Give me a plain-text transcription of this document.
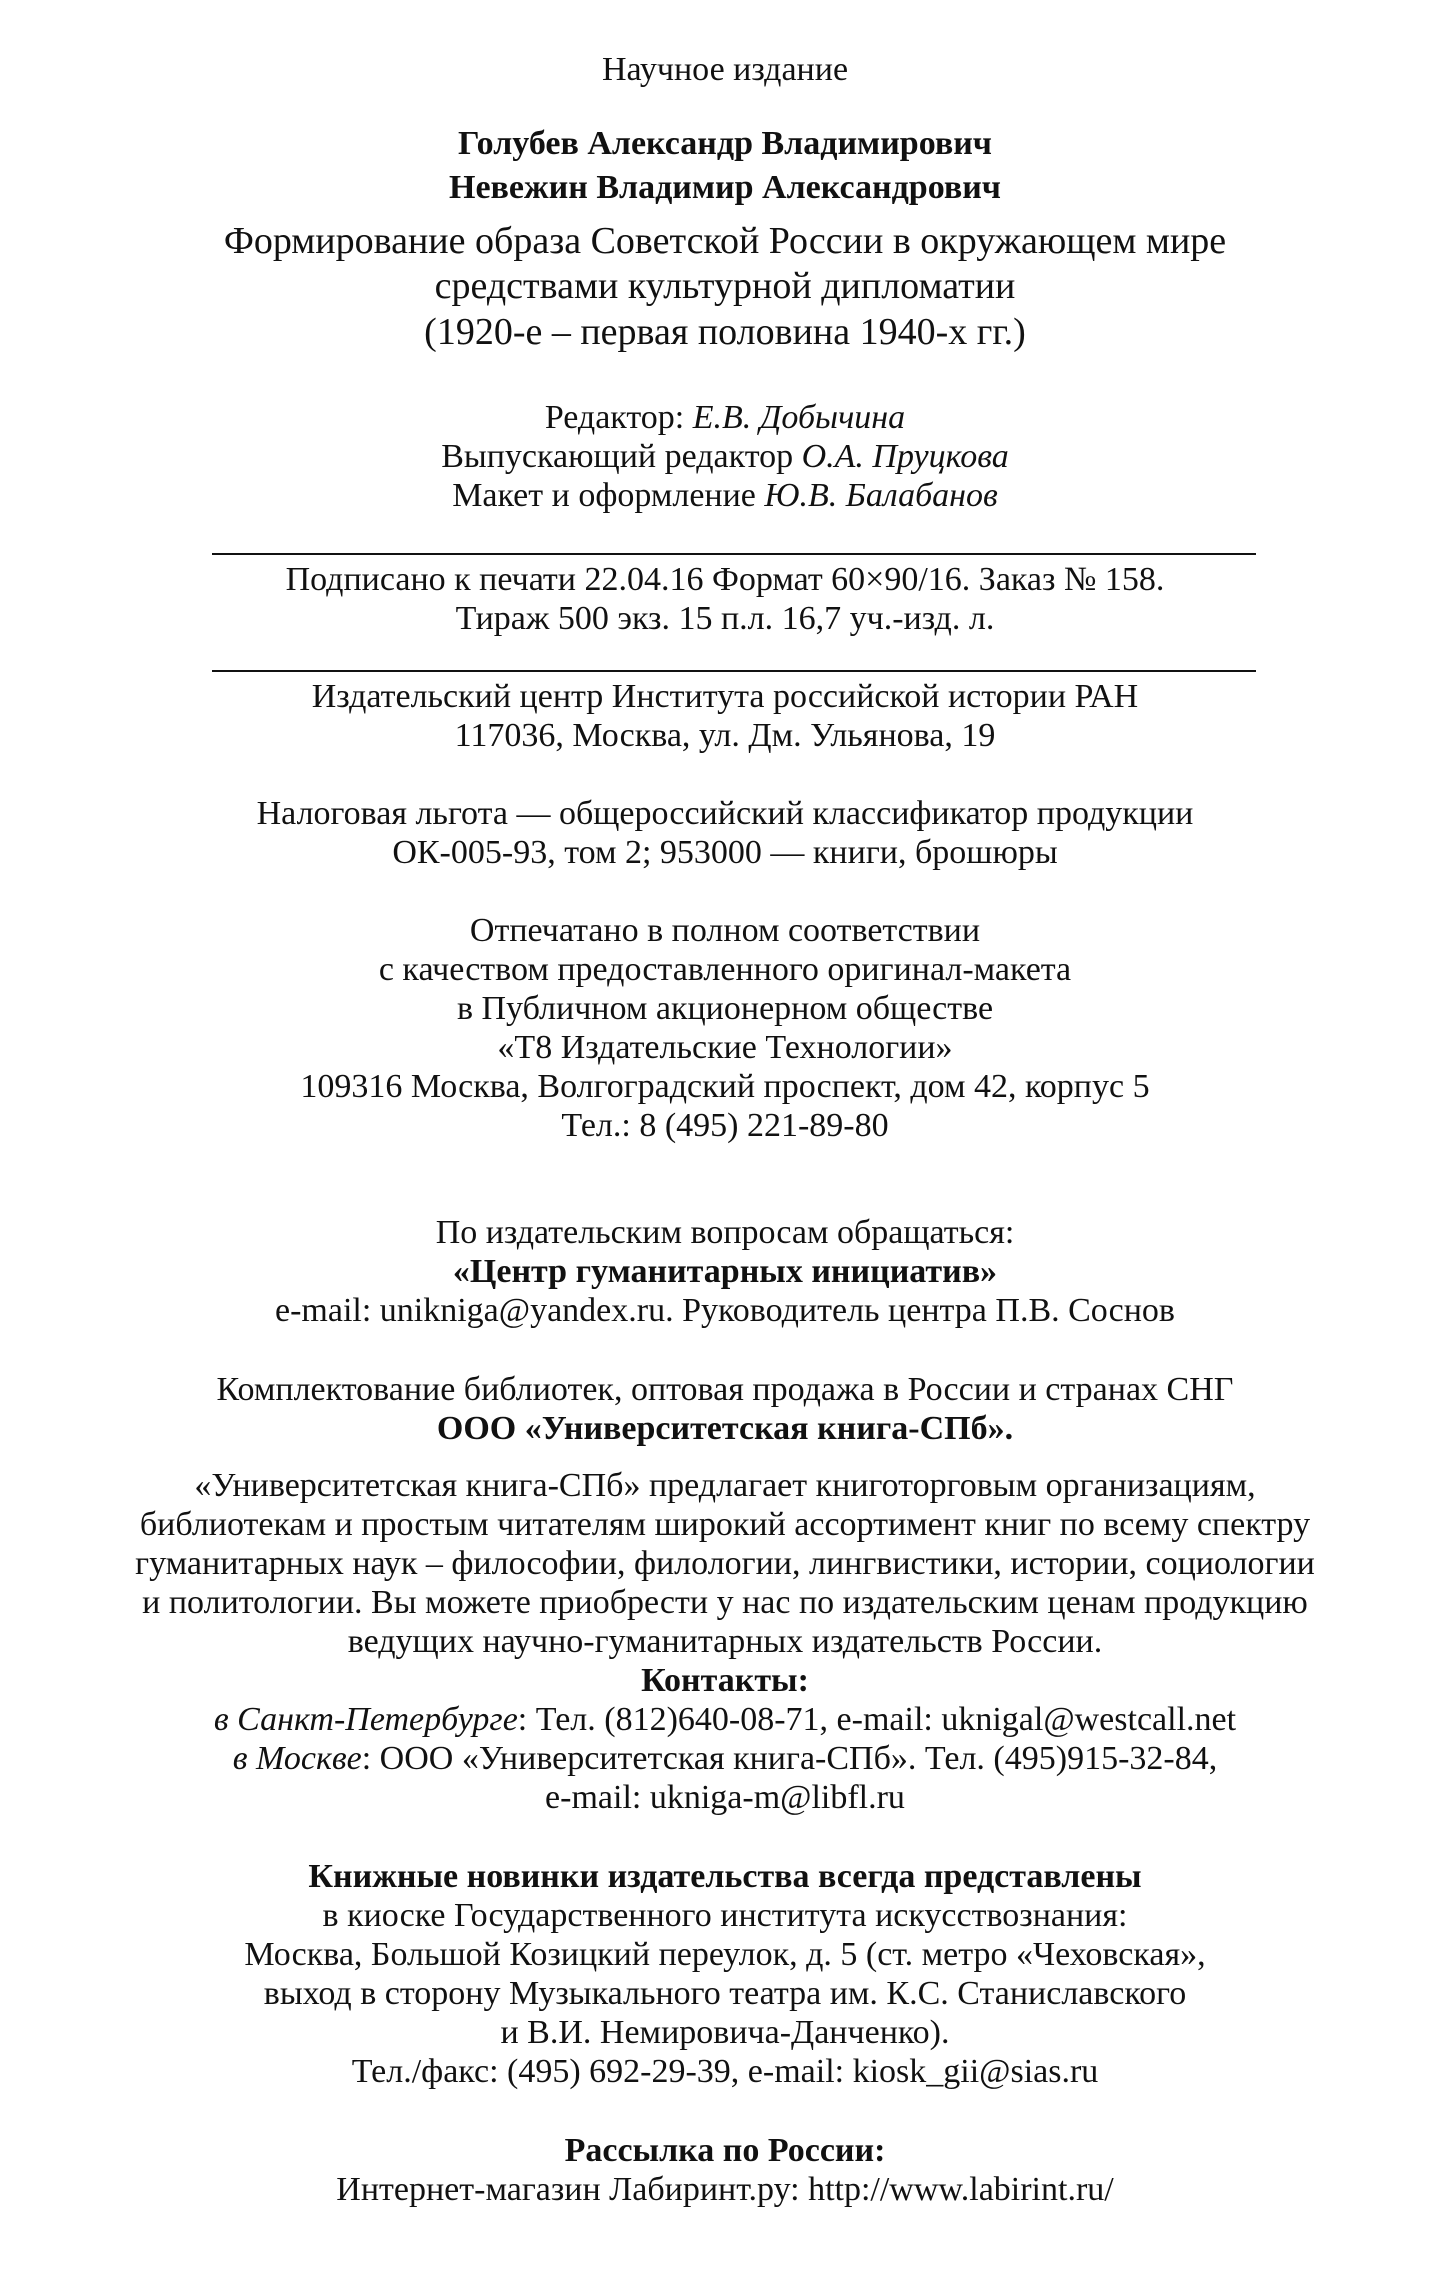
Научное издание
Голубев Александр Владимирович
Невежин Владимир Александрович
Формирование образа Советской России в окружающем мире
средствами культурной дипломатии
(1920-е – первая половина 1940-х гг.)
Редактор: Е.В. Добычина
Выпускающий редактор О.А. Пруцкова
Макет и оформление Ю.В. Балабанов
Подписано к печати 22.04.16 Формат 60×90/16. Заказ № 158.
Тираж 500 экз. 15 п.л. 16,7 уч.-изд. л.
Издательский центр Института российской истории РАН
117036, Москва, ул. Дм. Ульянова, 19
Налоговая льгота — общероссийский классификатор продукции
ОК-005-93, том 2; 953000 — книги, брошюры
Отпечатано в полном соответствии
с качеством предоставленного оригинал-макета
в Публичном акционерном обществе
«Т8 Издательские Технологии»
109316 Москва, Волгоградский проспект, дом 42, корпус 5
Тел.: 8 (495) 221-89-80
По издательским вопросам обращаться:
«Центр гуманитарных инициатив»
e-mail: unikniga@yandex.ru. Руководитель центра П.В. Соснов
Комплектование библиотек, оптовая продажа в России и странах СНГ
ООО «Университетская книга-СПб».
«Университетская книга-СПб» предлагает книготорговым организациям,
библиотекам и простым читателям широкий ассортимент книг по всему спектру
гуманитарных наук – философии, филологии, лингвистики, истории, социологии
и политологии. Вы можете приобрести у нас по издательским ценам продукцию
ведущих научно-гуманитарных издательств России.
Контакты:
в Санкт-Петербурге: Тел. (812)640-08-71, e-mail: uknigal@westcall.net
в Москве: ООО «Университетская книга-СПб». Тел. (495)915-32-84,
e-mail: ukniga-m@libfl.ru
Книжные новинки издательства всегда представлены
в киоске Государственного института искусствознания:
Москва, Большой Козицкий переулок, д. 5 (ст. метро «Чеховская»,
выход в сторону Музыкального театра им. К.С. Станиславского
и В.И. Немировича-Данченко).
Тел./факс: (495) 692-29-39, e-mail: kiosk_gii@sias.ru
Рассылка по России:
Интернет-магазин Лабиринт.ру: http://www.labirint.ru/
